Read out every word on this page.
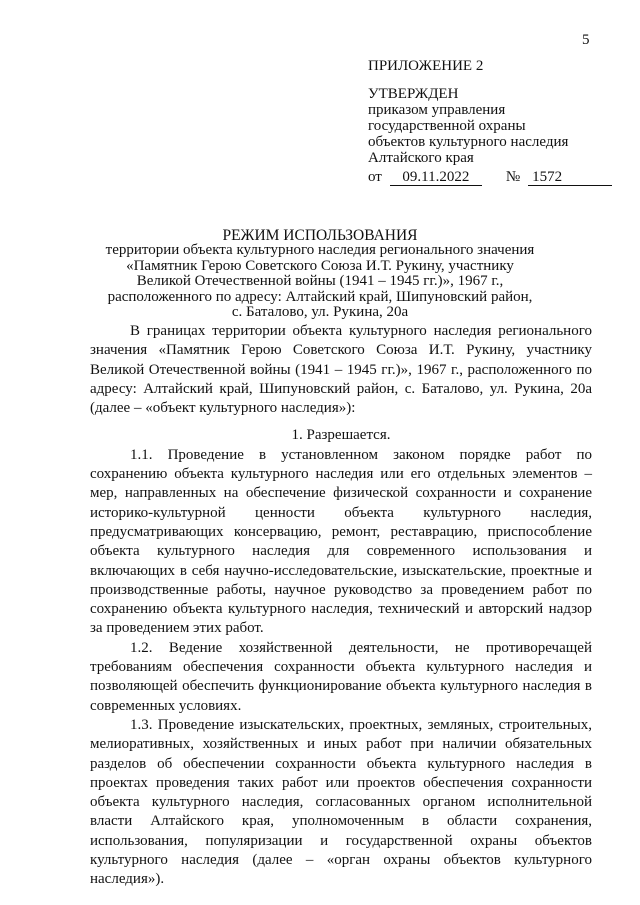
5
ПРИЛОЖЕНИЕ 2
УТВЕРЖДЕН
приказом управления
государственной охраны
объектов культурного наследия
Алтайского края
от 09.11.2022 № 1572
РЕЖИМ ИСПОЛЬЗОВАНИЯ
территории объекта культурного наследия регионального значения
«Памятник Герою Советского Союза И.Т. Рукину, участнику
Великой Отечественной войны (1941 – 1945 гг.)», 1967 г.,
расположенного по адресу: Алтайский край, Шипуновский район,
с. Баталово, ул. Рукина, 20а

В границах территории объекта культурного наследия регионального значения «Памятник Герою Советского Союза И.Т. Рукину, участнику Великой Отечественной войны (1941 – 1945 гг.)», 1967 г., расположенного по адресу: Алтайский край, Шипуновский район, с. Баталово, ул. Рукина, 20а (далее – «объект культурного наследия»):

1. Разрешается.

1.1. Проведение в установленном законом порядке работ по сохранению объекта культурного наследия или его отдельных элементов – мер, направленных на обеспечение физической сохранности и сохранение историко-культурной ценности объекта культурного наследия, предусматривающих консервацию, ремонт, реставрацию, приспособление объекта культурного наследия для современного использования и включающих в себя научно-исследовательские, изыскательские, проектные и производственные работы, научное руководство за проведением работ по сохранению объекта культурного наследия, технический и авторский надзор за проведением этих работ.

1.2. Ведение хозяйственной деятельности, не противоречащей требованиям обеспечения сохранности объекта культурного наследия и позволяющей обеспечить функционирование объекта культурного наследия в современных условиях.

1.3. Проведение изыскательских, проектных, земляных, строительных, мелиоративных, хозяйственных и иных работ при наличии обязательных разделов об обеспечении сохранности объекта культурного наследия в проектах проведения таких работ или проектов обеспечения сохранности объекта культурного наследия, согласованных органом исполнительной власти Алтайского края, уполномоченным в области сохранения, использования, популяризации и государственной охраны объектов культурного наследия (далее – «орган охраны объектов культурного наследия»).
